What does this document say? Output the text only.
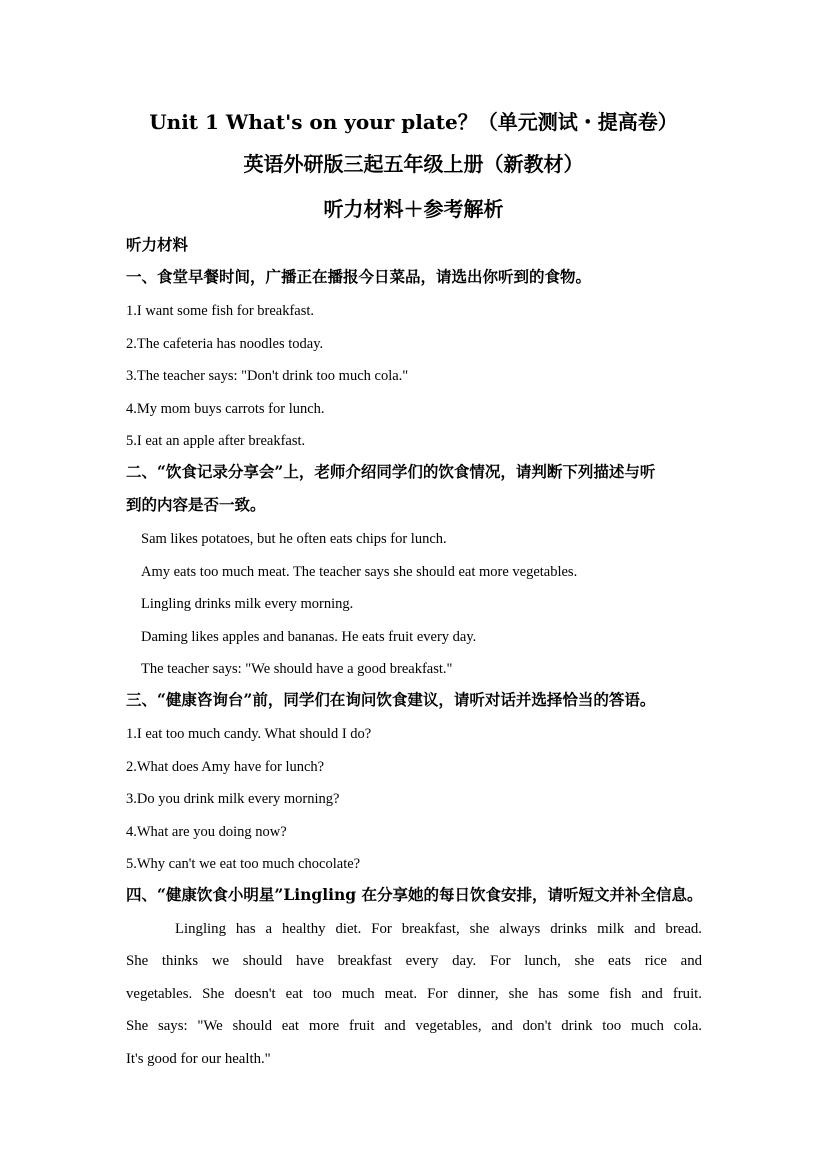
Unit 1 What's on your plate？（单元测试・提高卷）
英语外研版三起五年级上册（新教材）
听力材料＋参考解析
听力材料
一、食堂早餐时间，广播正在播报今日菜品，请选出你听到的食物。
1.I want some fish for breakfast.
2.The cafeteria has noodles today.
3.The teacher says: "Don't drink too much cola."
4.My mom buys carrots for lunch.
5.I eat an apple after breakfast.
二、“饮食记录分享会”上，老师介绍同学们的饮食情况，请判断下列描述与听
到的内容是否一致。
Sam likes potatoes, but he often eats chips for lunch.
Amy eats too much meat. The teacher says she should eat more vegetables.
Lingling drinks milk every morning.
Daming likes apples and bananas. He eats fruit every day.
The teacher says: "We should have a good breakfast."
三、“健康咨询台”前，同学们在询问饮食建议，请听对话并选择恰当的答语。
1.I eat too much candy. What should I do?
2.What does Amy have for lunch?
3.Do you drink milk every morning?
4.What are you doing now?
5.Why can't we eat too much chocolate?
四、“健康饮食小明星”Lingling 在分享她的每日饮食安排，请听短文并补全信息。
Lingling has a healthy diet. For breakfast, she always drinks milk and bread.
She thinks we should have breakfast every day. For lunch, she eats rice and
vegetables. She doesn't eat too much meat. For dinner, she has some fish and fruit.
She says: "We should eat more fruit and vegetables, and don't drink too much cola.
It's good for our health."
